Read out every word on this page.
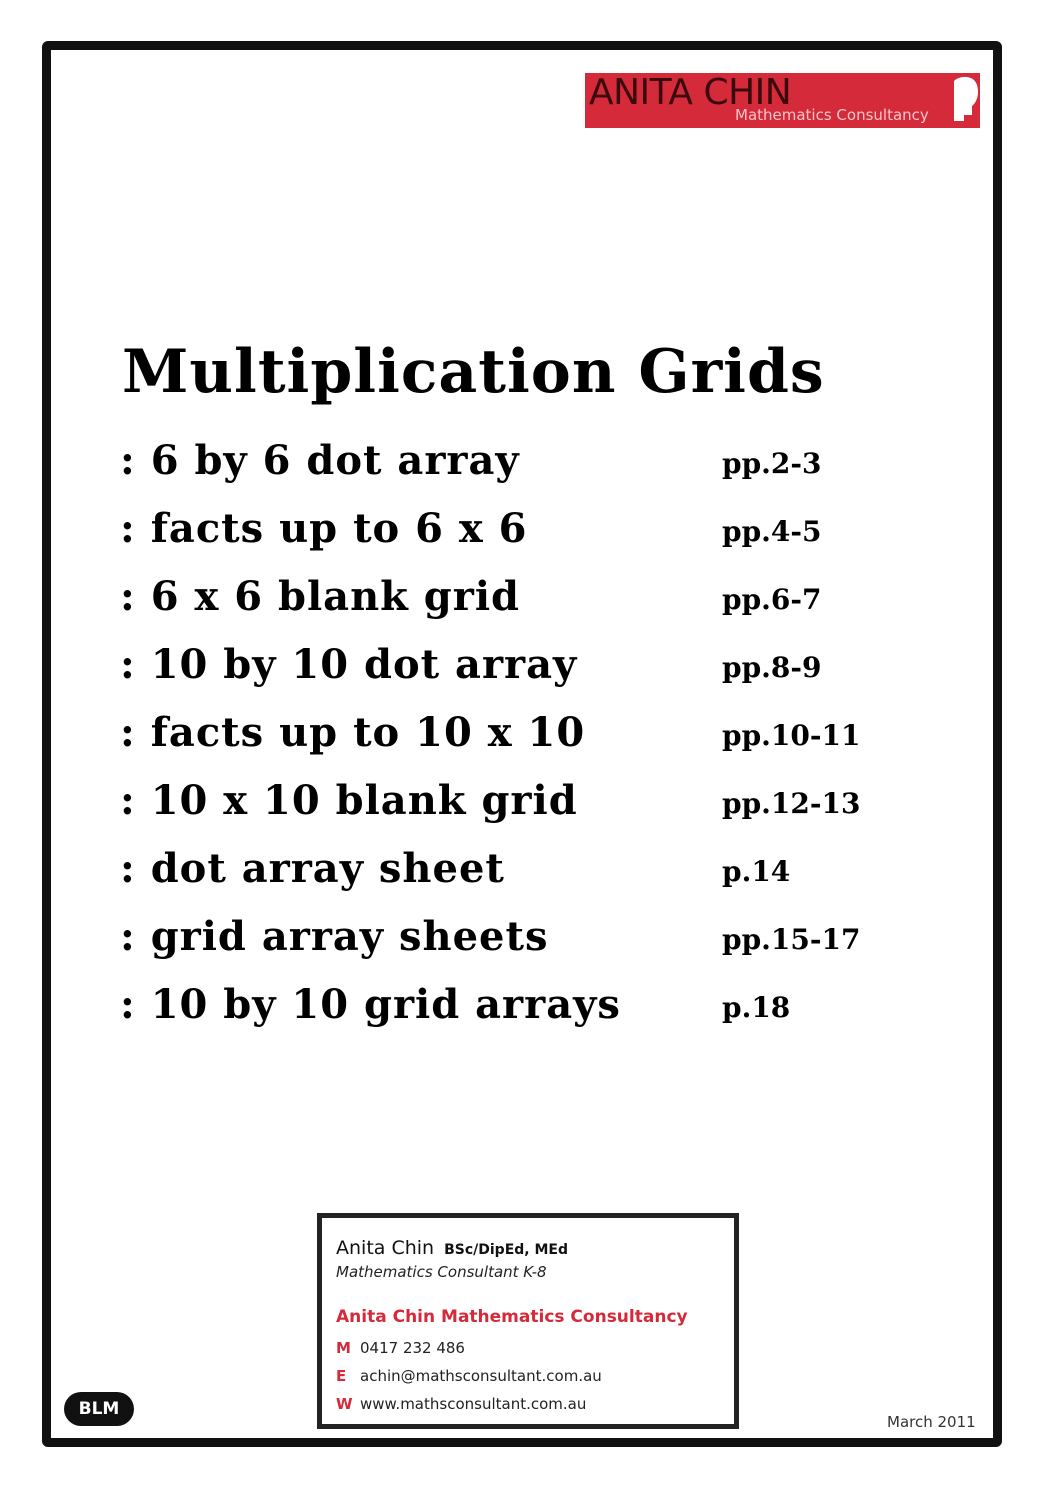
ANITA CHIN
Mathematics Consultancy
Multiplication Grids
: 6 by 6 dot array	pp.2-3
: facts up to 6 x 6	pp.4-5
: 6 x 6 blank grid	pp.6-7
: 10 by 10 dot array	pp.8-9
: facts up to 10 x 10	pp.10-11
: 10 x 10 blank grid	pp.12-13
: dot array sheet	p.14
: grid array sheets	pp.15-17
: 10 by 10 grid arrays	p.18
Anita Chin BSc/DipEd, MEd
Mathematics Consultant K-8
Anita Chin Mathematics Consultancy
M 0417 232 486
E achin@mathsconsultant.com.au
W www.mathsconsultant.com.au
BLM
March 2011
